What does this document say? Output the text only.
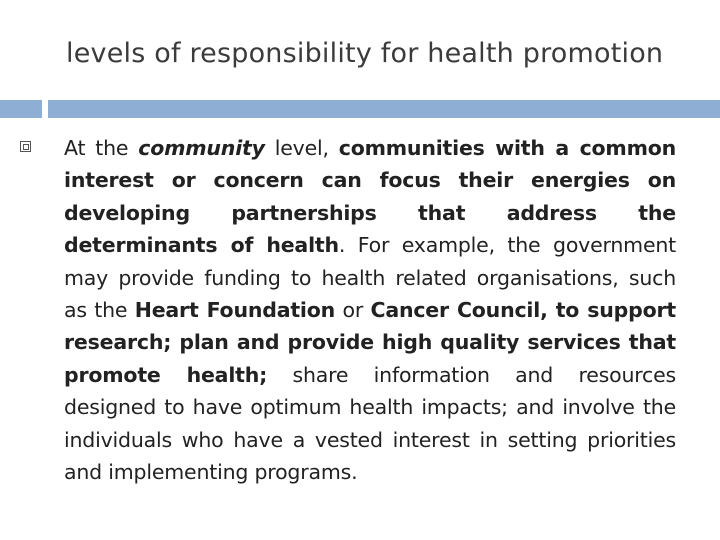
levels of responsibility for health promotion
At the community level, communities with a common interest or concern can focus their energies on developing partnerships that address the determinants of health. For example, the government may provide funding to health related organisations, such as the Heart Foundation or Cancer Council, to support research; plan and provide high quality services that promote health; share information and resources designed to have optimum health impacts; and involve the individuals who have a vested interest in setting priorities and implementing programs.
